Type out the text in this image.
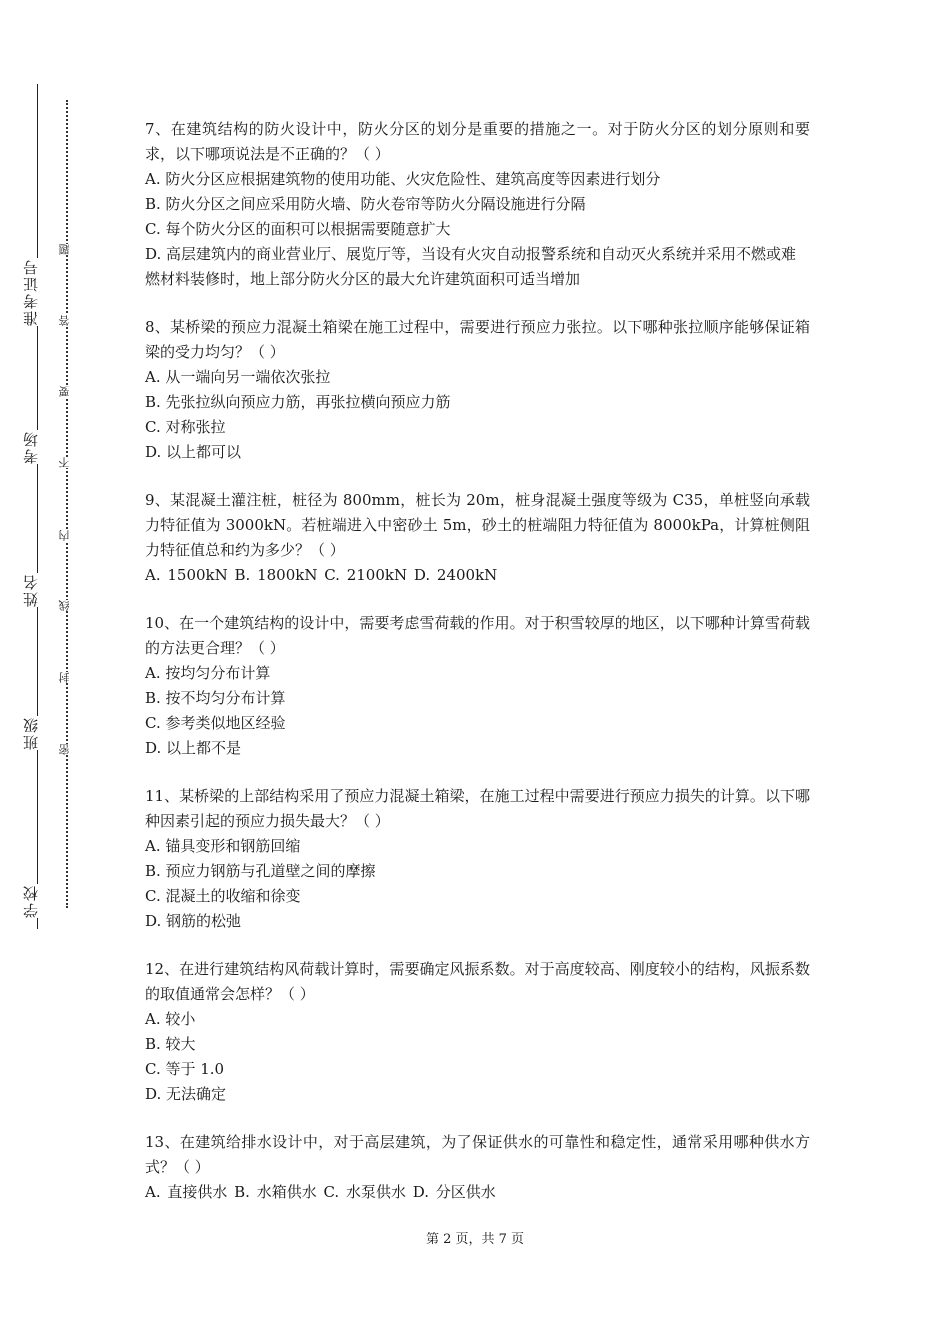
准考证号
考场
姓名
班级
学校
题
答
要
不
内
线
封
密

7、在建筑结构的防火设计中，防火分区的划分是重要的措施之一。对于防火分区的划分原则和要求，以下哪项说法是不正确的？（ ）

A. 防火分区应根据建筑物的使用功能、火灾危险性、建筑高度等因素进行划分

B. 防火分区之间应采用防火墙、防火卷帘等防火分隔设施进行分隔

C. 每个防火分区的面积可以根据需要随意扩大

D. 高层建筑内的商业营业厅、展览厅等，当设有火灾自动报警系统和自动灭火系统并采用不燃或难燃材料装修时，地上部分防火分区的最大允许建筑面积可适当增加

8、某桥梁的预应力混凝土箱梁在施工过程中，需要进行预应力张拉。以下哪种张拉顺序能够保证箱梁的受力均匀？（ ）

A. 从一端向另一端依次张拉

B. 先张拉纵向预应力筋，再张拉横向预应力筋

C. 对称张拉

D. 以上都可以

9、某混凝土灌注桩，桩径为 800mm，桩长为 20m，桩身混凝土强度等级为 C35，单桩竖向承载力特征值为 3000kN。若桩端进入中密砂土 5m，砂土的桩端阻力特征值为 8000kPa，计算桩侧阻力特征值总和约为多少？（ ）

A. 1500kN B. 1800kN C. 2100kN D. 2400kN

10、在一个建筑结构的设计中，需要考虑雪荷载的作用。对于积雪较厚的地区，以下哪种计算雪荷载的方法更合理？（ ）

A. 按均匀分布计算

B. 按不均匀分布计算

C. 参考类似地区经验

D. 以上都不是

11、某桥梁的上部结构采用了预应力混凝土箱梁，在施工过程中需要进行预应力损失的计算。以下哪种因素引起的预应力损失最大？（ ）

A. 锚具变形和钢筋回缩

B. 预应力钢筋与孔道壁之间的摩擦

C. 混凝土的收缩和徐变

D. 钢筋的松弛

12、在进行建筑结构风荷载计算时，需要确定风振系数。对于高度较高、刚度较小的结构，风振系数的取值通常会怎样？（ ）

A. 较小

B. 较大

C. 等于 1.0

D. 无法确定

13、在建筑给排水设计中，对于高层建筑，为了保证供水的可靠性和稳定性，通常采用哪种供水方式？（ ）

A. 直接供水 B. 水箱供水 C. 水泵供水 D. 分区供水

第 2 页，共 7 页
